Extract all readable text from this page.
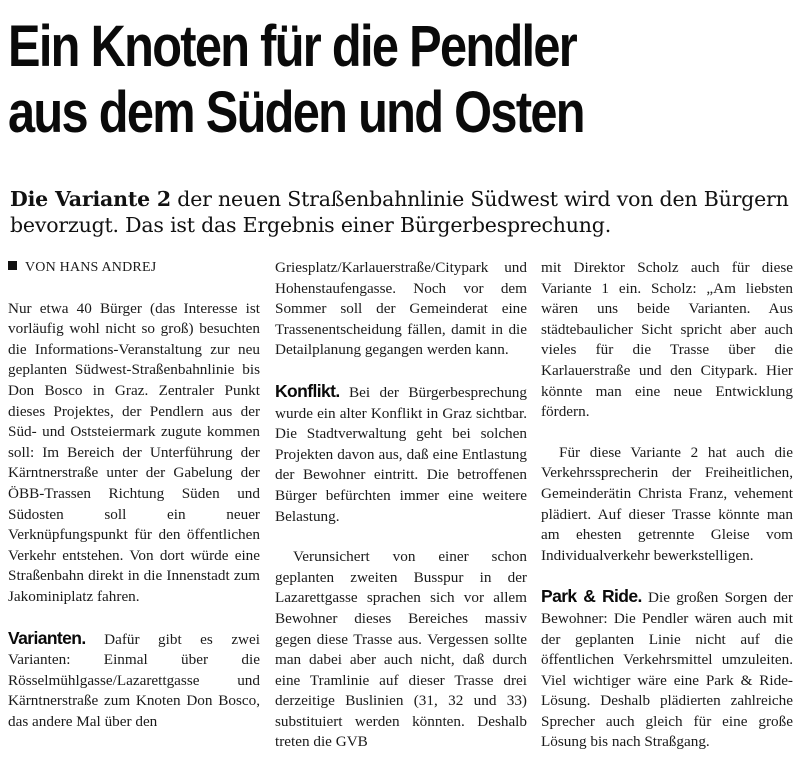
Ein Knoten für die Pendler
aus dem Süden und Osten
Die Variante 2 der neuen Straßenbahnlinie Südwest wird von den Bürgern bevorzugt. Das ist das Ergebnis einer Bürgerbesprechung.

VON HANS ANDREJ

Nur etwa 40 Bürger (das Interesse ist vorläufig wohl nicht so groß) besuchten die Informations-Veranstaltung zur neu geplanten Südwest-Straßenbahnlinie bis Don Bosco in Graz. Zentraler Punkt dieses Projektes, der Pendlern aus der Süd- und Oststeiermark zugute kommen soll: Im Bereich der Unterführung der Kärntnerstraße unter der Gabelung der ÖBB-Trassen Richtung Süden und Südosten soll ein neuer Verknüpfungspunkt für den öffentlichen Verkehr entstehen. Von dort würde eine Straßenbahn direkt in die Innenstadt zum Jakominiplatz fahren.

Varianten. Dafür gibt es zwei Varianten: Einmal über die Rösselmühlgasse/Lazarettgasse und Kärntnerstraße zum Knoten Don Bosco, das andere Mal über den

Griesplatz/Karlauerstraße/Citypark und Hohenstaufengasse. Noch vor dem Sommer soll der Gemeinderat eine Trassenentscheidung fällen, damit in die Detailplanung gegangen werden kann.

Konflikt. Bei der Bürgerbesprechung wurde ein alter Konflikt in Graz sichtbar. Die Stadtverwaltung geht bei solchen Projekten davon aus, daß eine Entlastung der Bewohner eintritt. Die betroffenen Bürger befürchten immer eine weitere Belastung.

Verunsichert von einer schon geplanten zweiten Busspur in der Lazarettgasse sprachen sich vor allem Bewohner dieses Bereiches massiv gegen diese Trasse aus. Vergessen sollte man dabei aber auch nicht, daß durch eine Tramlinie auf dieser Trasse drei derzeitige Buslinien (31, 32 und 33) substituiert werden könnten. Deshalb treten die GVB

mit Direktor Scholz auch für diese Variante 1 ein. Scholz: „Am liebsten wären uns beide Varianten. Aus städtebaulicher Sicht spricht aber auch vieles für die Trasse über die Karlauerstraße und den Citypark. Hier könnte man eine neue Entwicklung fördern.

Für diese Variante 2 hat auch die Verkehrssprecherin der Freiheitlichen, Gemeinderätin Christa Franz, vehement plädiert. Auf dieser Trasse könnte man am ehesten getrennte Gleise vom Individualverkehr bewerkstelligen.

Park & Ride. Die großen Sorgen der Bewohner: Die Pendler wären auch mit der geplanten Linie nicht auf die öffentlichen Verkehrsmittel umzuleiten. Viel wichtiger wäre eine Park & Ride-Lösung. Deshalb plädierten zahlreiche Sprecher auch gleich für eine große Lösung bis nach Straßgang.
